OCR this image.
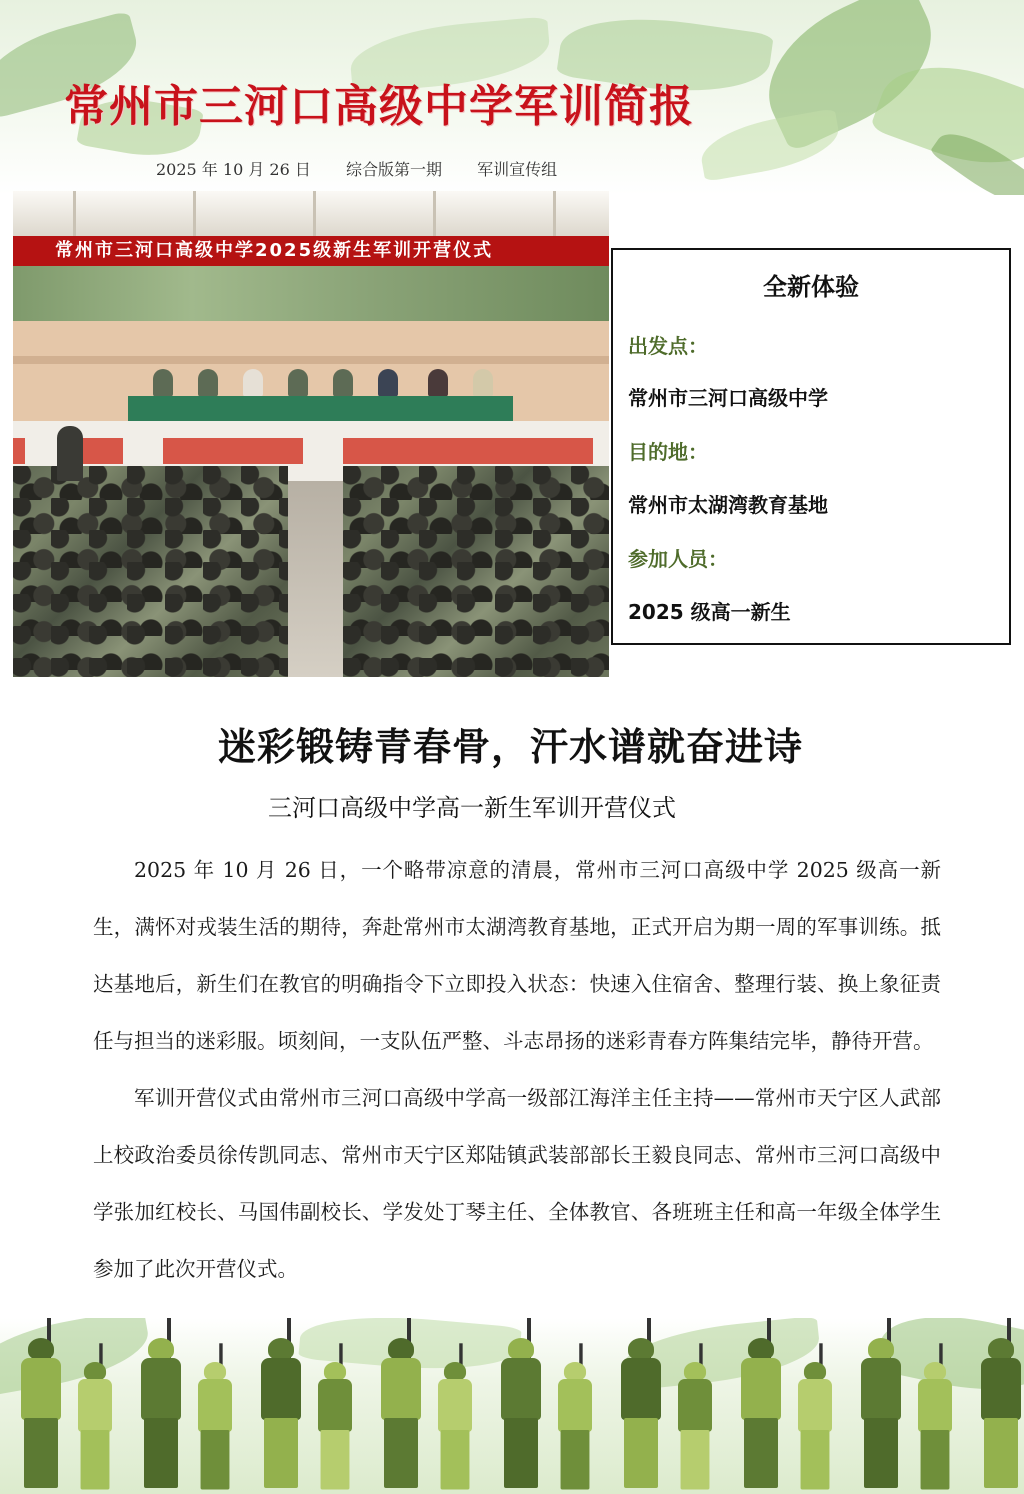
常州市三河口高级中学军训简报
2025 年 10 月 26 日 综合版第一期 军训宣传组
常州市三河口高级中学2025级新生军训开营仪式
全新体验
出发点：
常州市三河口高级中学
目的地：
常州市太湖湾教育基地
参加人员：
2025 级高一新生
迷彩锻铸青春骨，汗水谱就奋进诗
三河口高级中学高一新生军训开营仪式

2025 年 10 月 26 日，一个略带凉意的清晨，常州市三河口高级中学 2025 级高一新生，满怀对戎装生活的期待，奔赴常州市太湖湾教育基地，正式开启为期一周的军事训练。抵达基地后，新生们在教官的明确指令下立即投入状态：快速入住宿舍、整理行装、换上象征责任与担当的迷彩服。顷刻间，一支队伍严整、斗志昂扬的迷彩青春方阵集结完毕，静待开营。

军训开营仪式由常州市三河口高级中学高一级部江海洋主任主持——常州市天宁区人武部上校政治委员徐传凯同志、常州市天宁区郑陆镇武装部部长王毅良同志、常州市三河口高级中学张加红校长、马国伟副校长、学发处丁琴主任、全体教官、各班班主任和高一年级全体学生参加了此次开营仪式。
